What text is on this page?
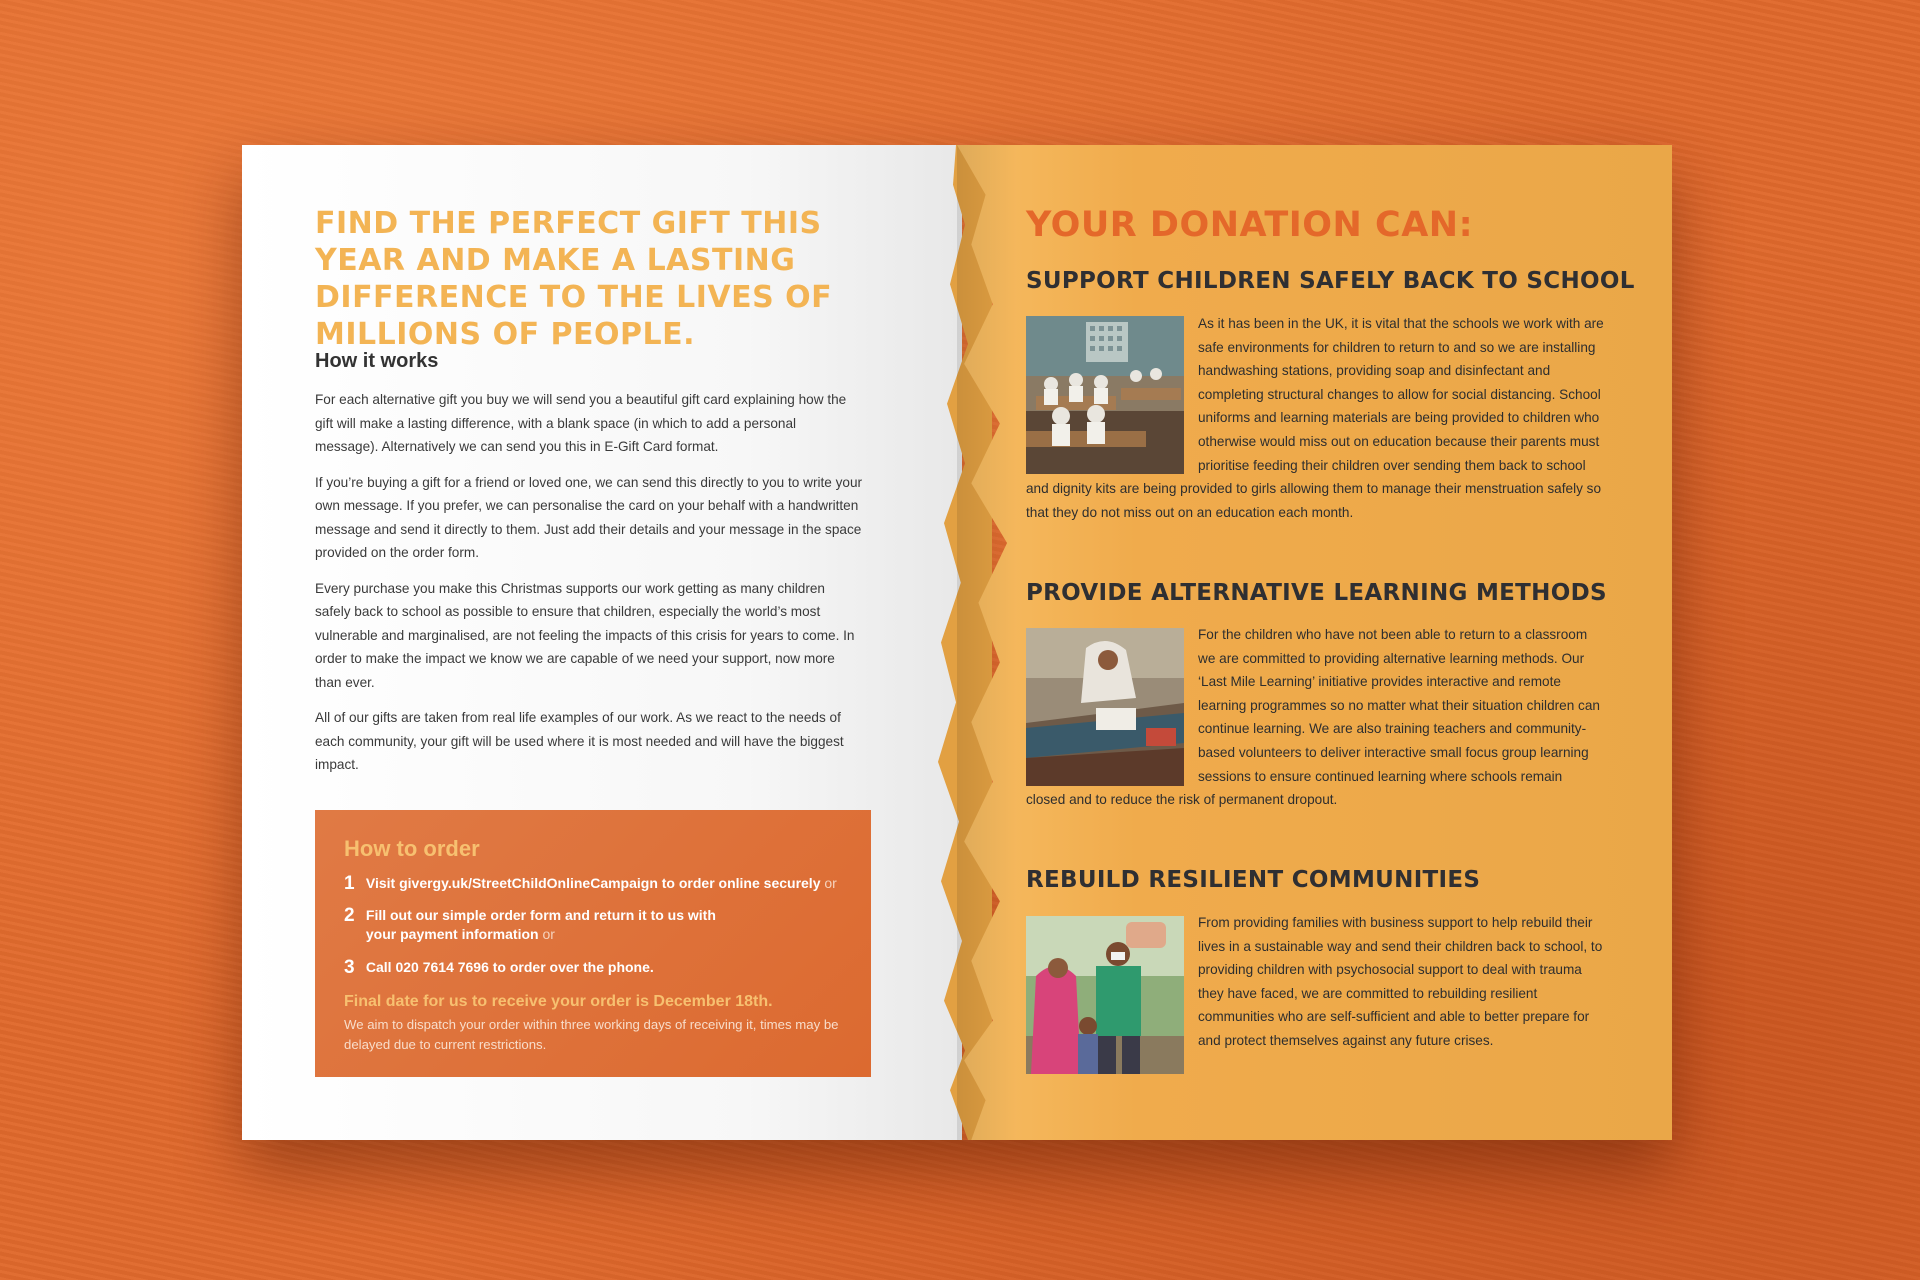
FIND THE PERFECT GIFT THIS YEAR AND MAKE A LASTING DIFFERENCE TO THE LIVES OF MILLIONS OF PEOPLE.
How it works

For each alternative gift you buy we will send you a beautiful gift card explaining how the gift will make a lasting difference, with a blank space (in which to add a personal message). Alternatively we can send you this in E-Gift Card format.

If you’re buying a gift for a friend or loved one, we can send this directly to you to write your own message. If you prefer, we can personalise the card on your behalf with a handwritten message and send it directly to them. Just add their details and your message in the space provided on the order form.

Every purchase you make this Christmas supports our work getting as many children safely back to school as possible to ensure that children, especially the world’s most vulnerable and marginalised, are not feeling the impacts of this crisis for years to come. In order to make the impact we know we are capable of we need your support, now more than ever.

All of our gifts are taken from real life examples of our work. As we react to the needs of each community, your gift will be used where it is most needed and will have the biggest impact.

How to order
1 Visit givergy.uk/StreetChildOnlineCampaign to order online securely or
2 Fill out our simple order form and return it to us with your payment information or
3 Call 020 7614 7696 to order over the phone.
Final date for us to receive your order is December 18th.
We aim to dispatch your order within three working days of receiving it, times may be delayed due to current restrictions.
YOUR DONATION CAN:
SUPPORT CHILDREN SAFELY BACK TO SCHOOL
As it has been in the UK, it is vital that the schools we work with are safe environments for children to return to and so we are installing handwashing stations, providing soap and disinfectant and completing structural changes to allow for social distancing. School uniforms and learning materials are being provided to children who otherwise would miss out on education because their parents must prioritise feeding their children over sending them back to school and dignity kits are being provided to girls allowing them to manage their menstruation safely so that they do not miss out on an education each month.
PROVIDE ALTERNATIVE LEARNING METHODS
For the children who have not been able to return to a classroom we are committed to providing alternative learning methods. Our ‘Last Mile Learning’ initiative provides interactive and remote learning programmes so no matter what their situation children can continue learning. We are also training teachers and community-based volunteers to deliver interactive small focus group learning sessions to ensure continued learning where schools remain closed and to reduce the risk of permanent dropout.
REBUILD RESILIENT COMMUNITIES
From providing families with business support to help rebuild their lives in a sustainable way and send their children back to school, to providing children with psychosocial support to deal with trauma they have faced, we are committed to rebuilding resilient communities who are self-sufficient and able to better prepare for and protect themselves against any future crises.
